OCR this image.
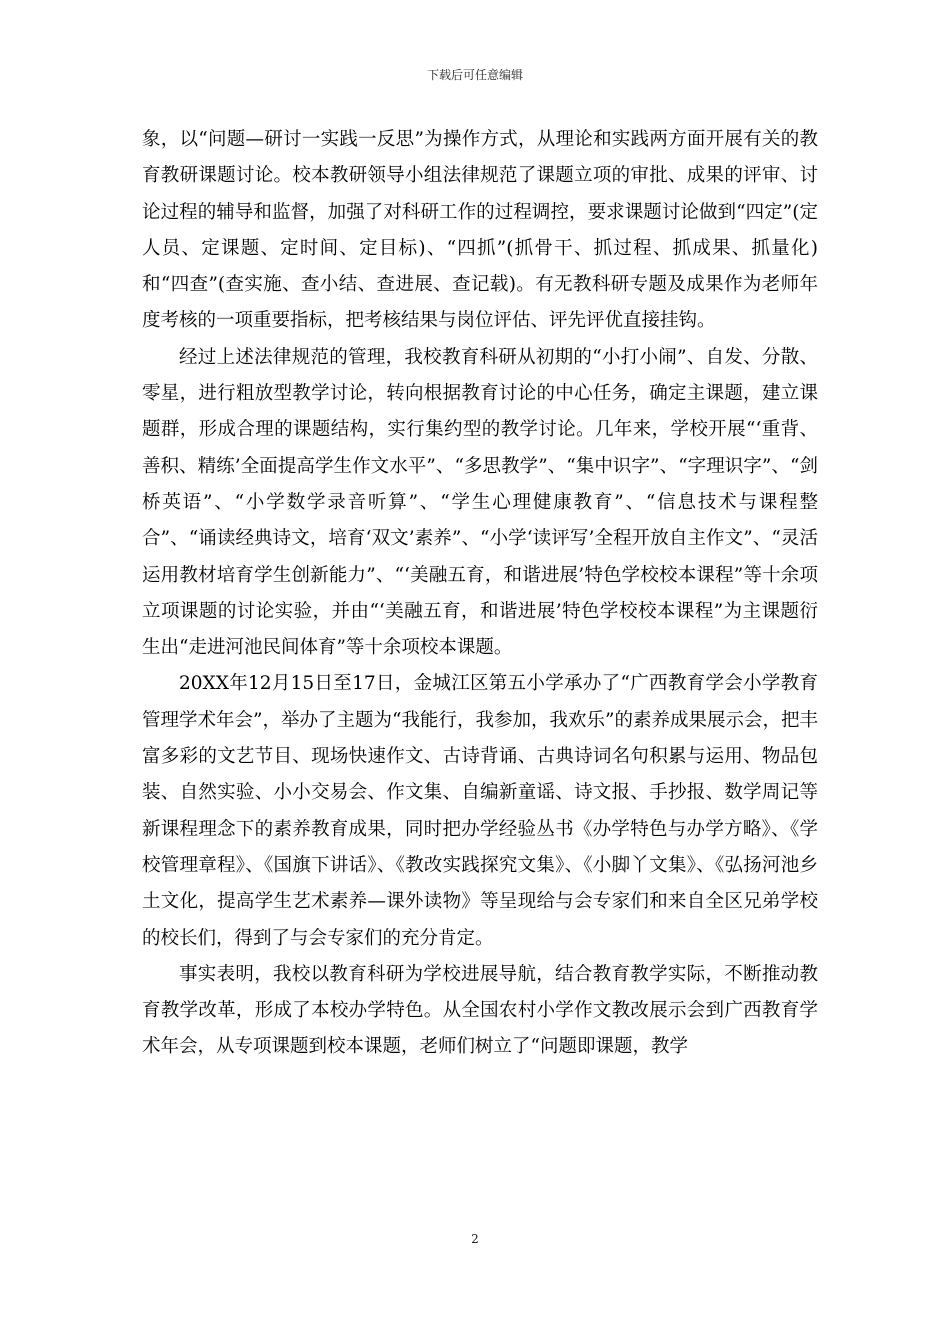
下载后可任意编辑

象，以“问题—研讨一实践一反思”为操作方式，从理论和实践两方面开展有关的教育教研课题讨论。校本教研领导小组法律规范了课题立项的审批、成果的评审、讨论过程的辅导和监督，加强了对科研工作的过程调控，要求课题讨论做到“四定”(定人员、定课题、定时间、定目标)、“四抓”(抓骨干、抓过程、抓成果、抓量化)和“四查”(查实施、查小结、查进展、查记载)。有无教科研专题及成果作为老师年度考核的一项重要指标，把考核结果与岗位评估、评先评优直接挂钩。

经过上述法律规范的管理，我校教育科研从初期的“小打小闹”、自发、分散、零星，进行粗放型教学讨论，转向根据教育讨论的中心任务，确定主课题，建立课题群，形成合理的课题结构，实行集约型的教学讨论。几年来，学校开展“‘重背、善积、精练’全面提高学生作文水平”、“多思教学”、“集中识字”、“字理识字”、“剑桥英语”、“小学数学录音听算”、“学生心理健康教育”、“信息技术与课程整合”、“诵读经典诗文，培育‘双文’素养”、“小学‘读评写’全程开放自主作文”、“灵活运用教材培育学生创新能力”、“‘美融五育，和谐进展’特色学校校本课程”等十余项立项课题的讨论实验，并由“‘美融五育，和谐进展’特色学校校本课程”为主课题衍生出“走进河池民间体育”等十余项校本课题。

20XX年12月15日至17日，金城江区第五小学承办了“广西教育学会小学教育管理学术年会”，举办了主题为“我能行，我参加，我欢乐”的素养成果展示会，把丰富多彩的文艺节目、现场快速作文、古诗背诵、古典诗词名句积累与运用、物品包装、自然实验、小小交易会、作文集、自编新童谣、诗文报、手抄报、数学周记等新课程理念下的素养教育成果，同时把办学经验丛书《办学特色与办学方略》、《学校管理章程》、《国旗下讲话》、《教改实践探究文集》、《小脚丫文集》、《弘扬河池乡土文化，提高学生艺术素养—课外读物》等呈现给与会专家们和来自全区兄弟学校的校长们，得到了与会专家们的充分肯定。

事实表明，我校以教育科研为学校进展导航，结合教育教学实际，不断推动教育教学改革，形成了本校办学特色。从全国农村小学作文教改展示会到广西教育学术年会，从专项课题到校本课题，老师们树立了“问题即课题，教学

2
